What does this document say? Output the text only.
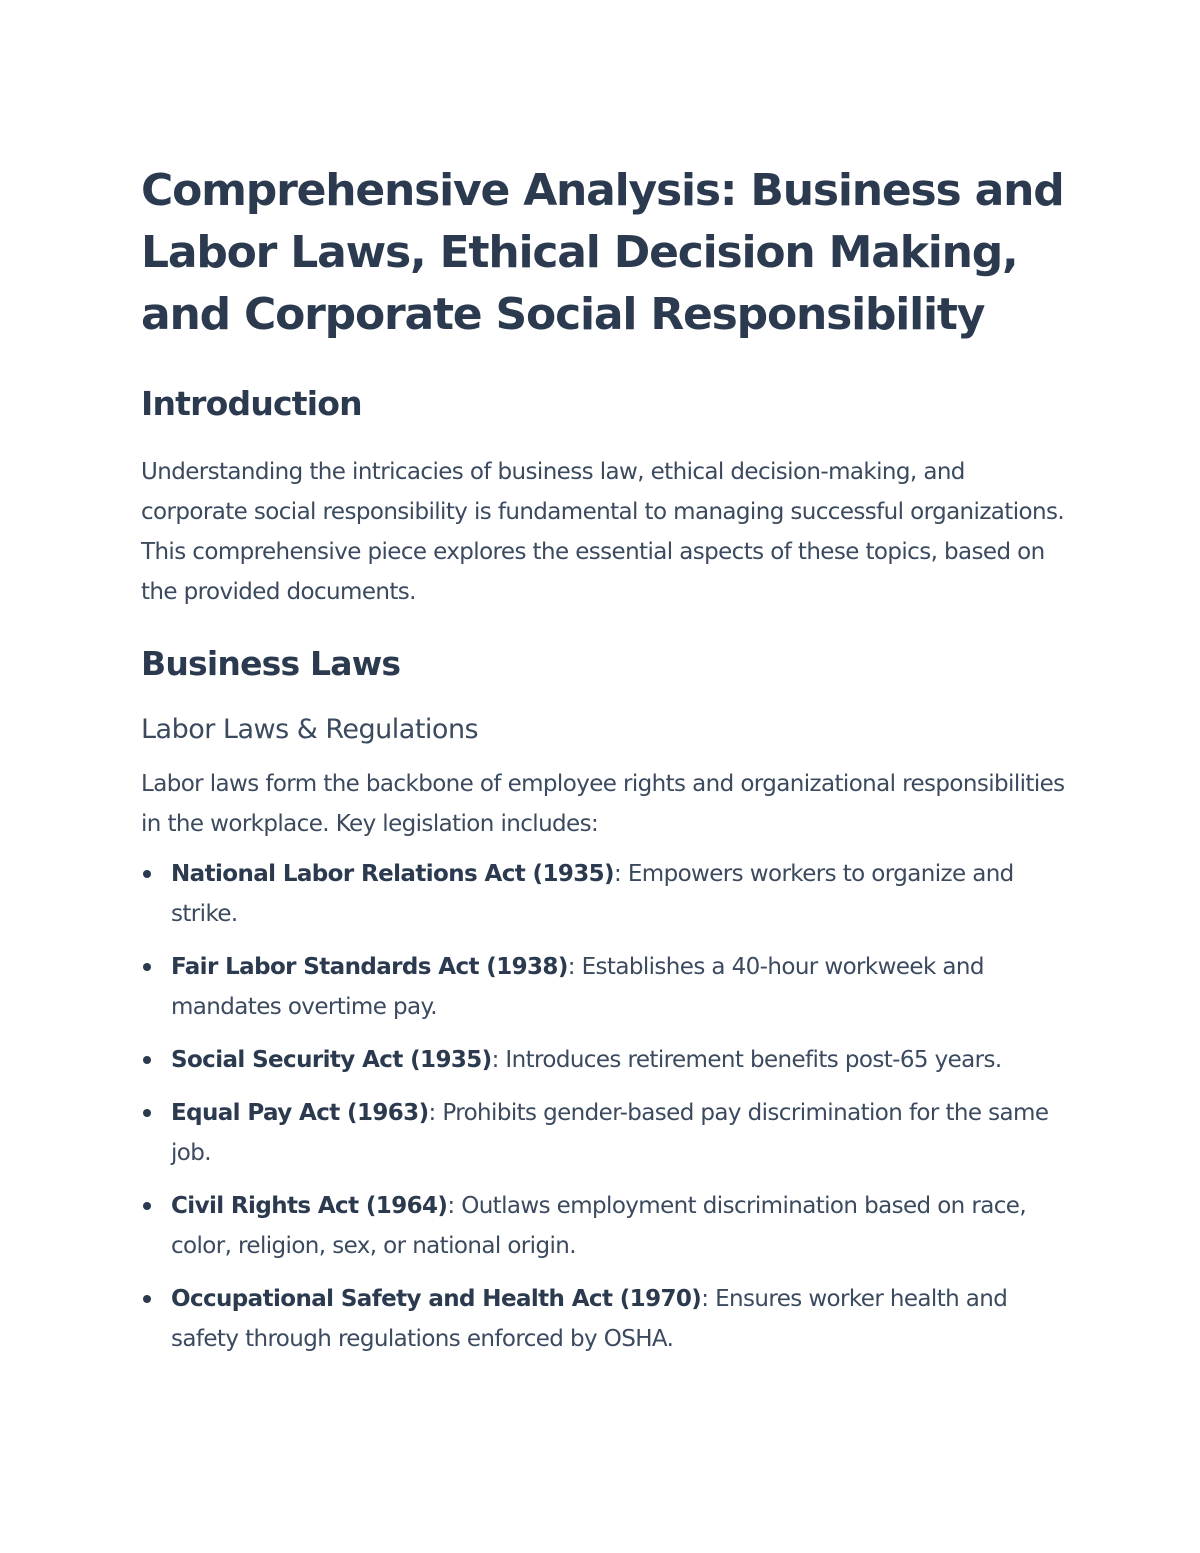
Comprehensive Analysis: Business and Labor Laws, Ethical Decision Making, and Corporate Social Responsibility
Introduction

Understanding the intricacies of business law, ethical decision-making, and corporate social responsibility is fundamental to managing successful organizations. This comprehensive piece explores the essential aspects of these topics, based on the provided documents.

Business Laws
Labor Laws & Regulations

Labor laws form the backbone of employee rights and organizational responsibilities in the workplace. Key legislation includes:

National Labor Relations Act (1935): Empowers workers to organize and strike.
Fair Labor Standards Act (1938): Establishes a 40-hour workweek and mandates overtime pay.
Social Security Act (1935): Introduces retirement benefits post-65 years.
Equal Pay Act (1963): Prohibits gender-based pay discrimination for the same job.
Civil Rights Act (1964): Outlaws employment discrimination based on race, color, religion, sex, or national origin.
Occupational Safety and Health Act (1970): Ensures worker health and safety through regulations enforced by OSHA.
